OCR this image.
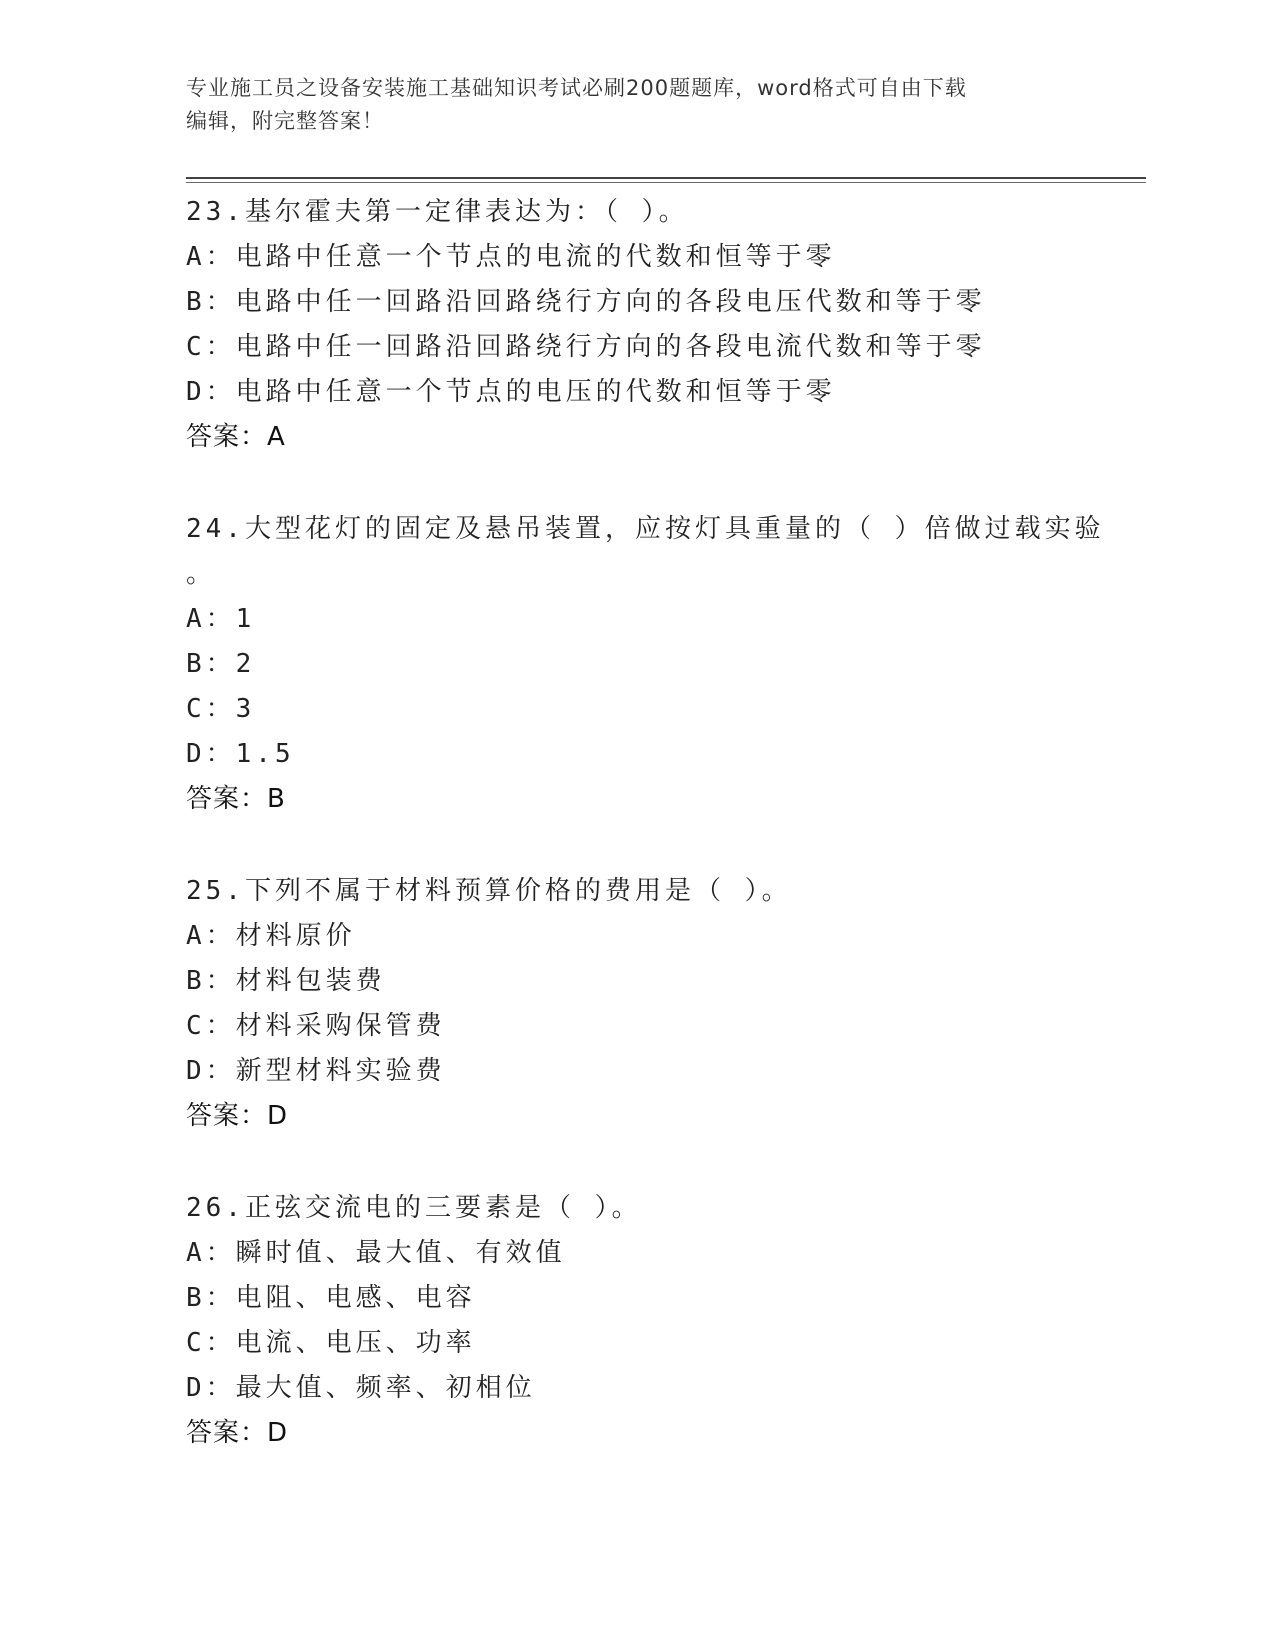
专业施工员之设备安装施工基础知识考试必刷200题题库，word格式可自由下载
编辑，附完整答案！
23.基尔霍夫第一定律表达为：（ ）。
A：电路中任意一个节点的电流的代数和恒等于零
B：电路中任一回路沿回路绕行方向的各段电压代数和等于零
C：电路中任一回路沿回路绕行方向的各段电流代数和等于零
D：电路中任意一个节点的电压的代数和恒等于零
答案：A
24.大型花灯的固定及悬吊装置，应按灯具重量的（ ）倍做过载实验
。
A：1
B：2
C：3
D：1.5
答案：B
25.下列不属于材料预算价格的费用是（ ）。
A：材料原价
B：材料包装费
C：材料采购保管费
D：新型材料实验费
答案：D
26.正弦交流电的三要素是（ ）。
A：瞬时值、最大值、有效值
B：电阻、电感、电容
C：电流、电压、功率
D：最大值、频率、初相位
答案：D
